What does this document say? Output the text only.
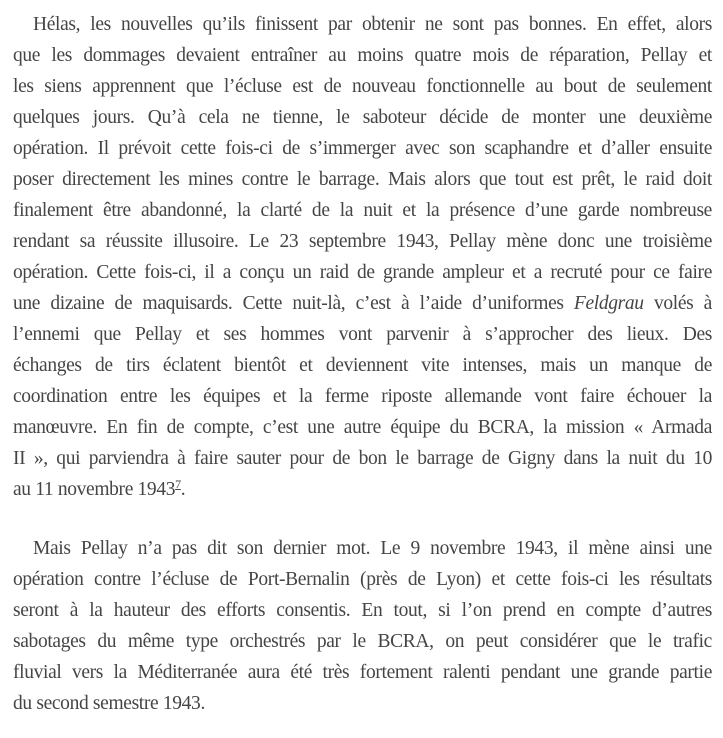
Hélas, les nouvelles qu’ils finissent par obtenir ne sont pas bonnes. En effet, alors
que les dommages devaient entraîner au moins quatre mois de réparation, Pellay et
les siens apprennent que l’écluse est de nouveau fonctionnelle au bout de seulement
quelques jours. Qu’à cela ne tienne, le saboteur décide de monter une deuxième
opération. Il prévoit cette fois-ci de s’immerger avec son scaphandre et d’aller ensuite
poser directement les mines contre le barrage. Mais alors que tout est prêt, le raid doit
finalement être abandonné, la clarté de la nuit et la présence d’une garde nombreuse
rendant sa réussite illusoire. Le 23 septembre 1943, Pellay mène donc une troisième
opération. Cette fois-ci, il a conçu un raid de grande ampleur et a recruté pour ce faire
une dizaine de maquisards. Cette nuit-là, c’est à l’aide d’uniformes Feldgrau volés à
l’ennemi que Pellay et ses hommes vont parvenir à s’approcher des lieux. Des
échanges de tirs éclatent bientôt et deviennent vite intenses, mais un manque de
coordination entre les équipes et la ferme riposte allemande vont faire échouer la
manœuvre. En fin de compte, c’est une autre équipe du BCRA, la mission « Armada
II », qui parviendra à faire sauter pour de bon le barrage de Gigny dans la nuit du 10
au 11 novembre 1943$^7$.

Mais Pellay n’a pas dit son dernier mot. Le 9 novembre 1943, il mène ainsi une
opération contre l’écluse de Port-Bernalin (près de Lyon) et cette fois-ci les résultats
seront à la hauteur des efforts consentis. En tout, si l’on prend en compte d’autres
sabotages du même type orchestrés par le BCRA, on peut considérer que le trafic
fluvial vers la Méditerranée aura été très fortement ralenti pendant une grande partie
du second semestre 1943.
